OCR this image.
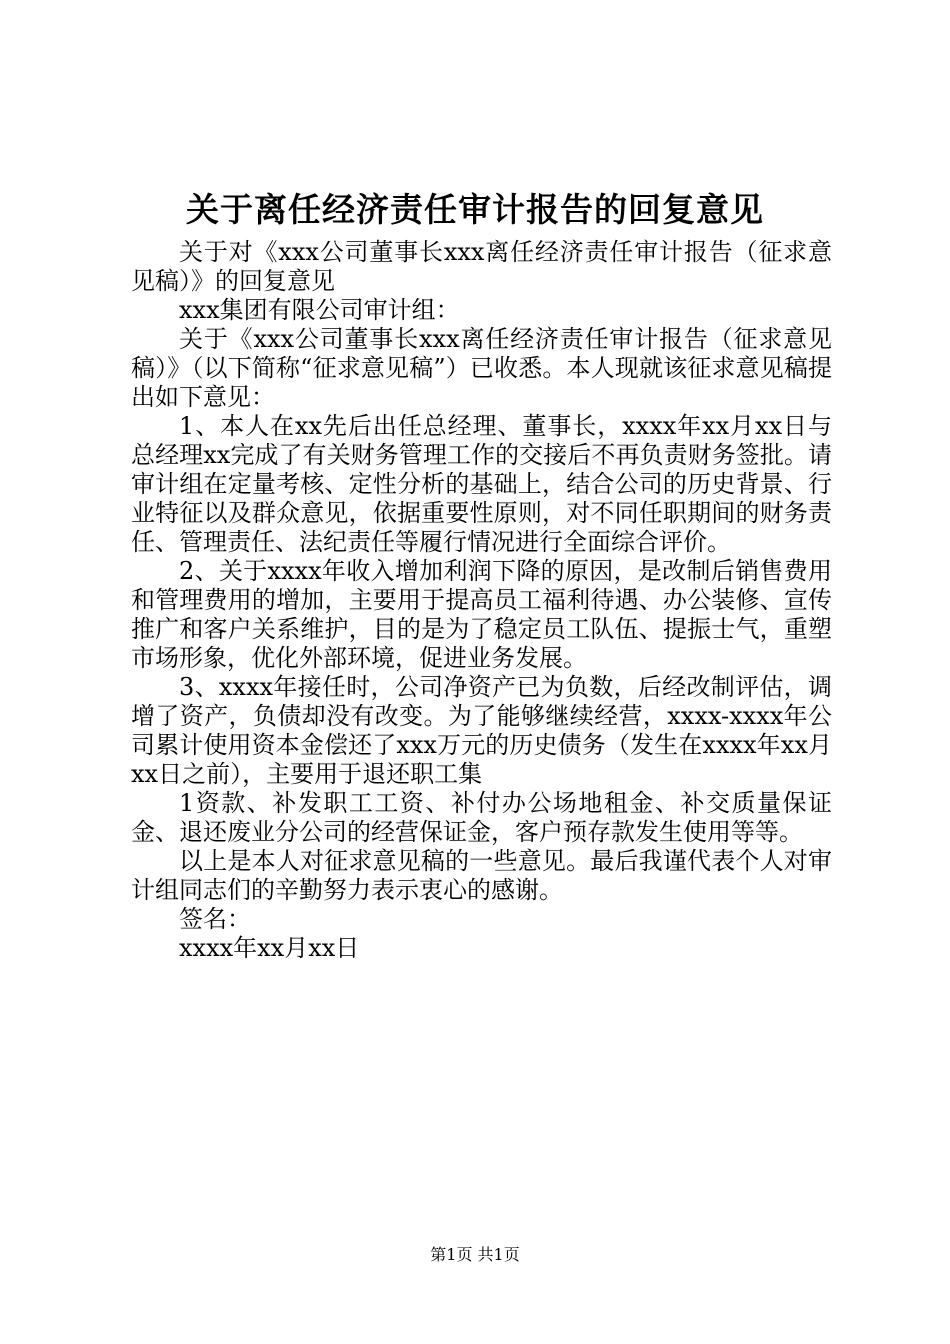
关于离任经济责任审计报告的回复意见

关于对《xxx公司董事长xxx离任经济责任审计报告（征求意见稿）》的回复意见

xxx集团有限公司审计组：

关于《xxx公司董事长xxx离任经济责任审计报告（征求意见稿）》（以下简称“征求意见稿”）已收悉。本人现就该征求意见稿提出如下意见：

1、本人在xx先后出任总经理、董事长，xxxx年xx月xx日与总经理xx完成了有关财务管理工作的交接后不再负责财务签批。请审计组在定量考核、定性分析的基础上，结合公司的历史背景、行业特征以及群众意见，依据重要性原则，对不同任职期间的财务责任、管理责任、法纪责任等履行情况进行全面综合评价。

2、关于xxxx年收入增加利润下降的原因，是改制后销售费用和管理费用的增加，主要用于提高员工福利待遇、办公装修、宣传推广和客户关系维护，目的是为了稳定员工队伍、提振士气，重塑市场形象，优化外部环境，促进业务发展。

3、xxxx年接任时，公司净资产已为负数，后经改制评估，调增了资产，负债却没有改变。为了能够继续经营，xxxx-xxxx年公司累计使用资本金偿还了xxx万元的历史债务（发生在xxxx年xx月xx日之前），主要用于退还职工集

1资款、补发职工工资、补付办公场地租金、补交质量保证金、退还废业分公司的经营保证金，客户预存款发生使用等等。

以上是本人对征求意见稿的一些意见。最后我谨代表个人对审计组同志们的辛勤努力表示衷心的感谢。

签名：

xxxx年xx月xx日

第1页 共1页
